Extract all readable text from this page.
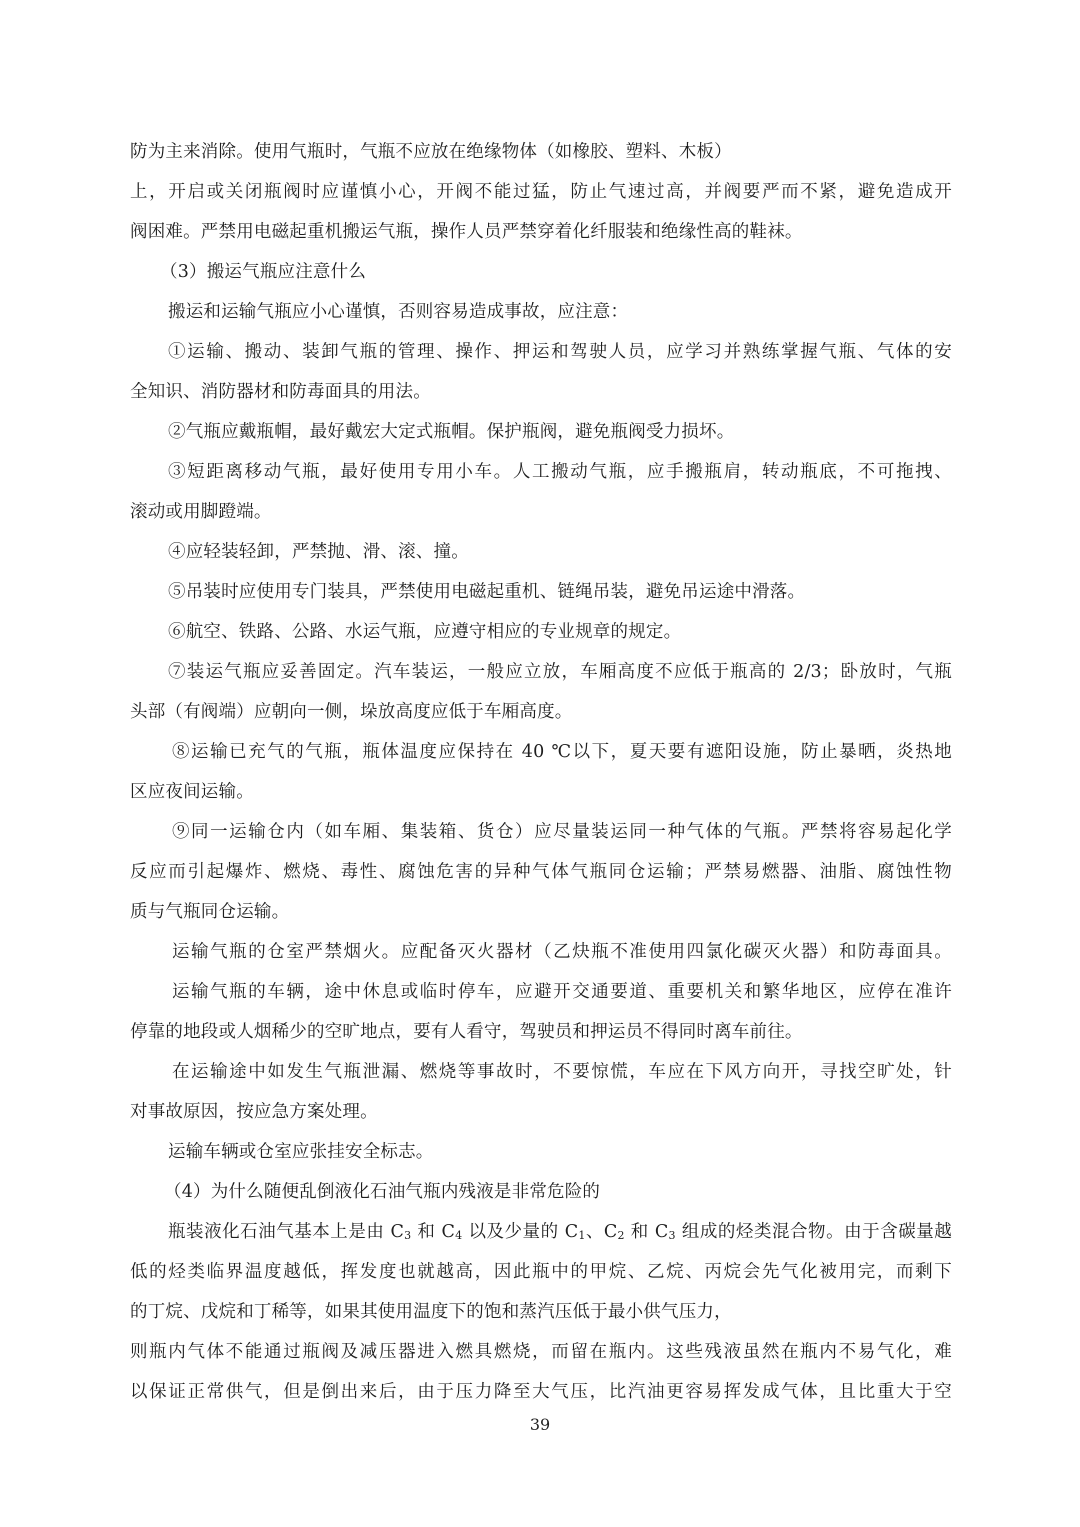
防为主来消除。使用气瓶时，气瓶不应放在绝缘物体（如橡胶、塑料、木板）
上，开启或关闭瓶阀时应谨慎小心，开阀不能过猛，防止气速过高，并阀要严而不紧，避免造成开
阀困难。严禁用电磁起重机搬运气瓶，操作人员严禁穿着化纤服装和绝缘性高的鞋袜。
（3）搬运气瓶应注意什么
搬运和运输气瓶应小心谨慎，否则容易造成事故，应注意：
①运输、搬动、装卸气瓶的管理、操作、押运和驾驶人员，应学习并熟练掌握气瓶、气体的安
全知识、消防器材和防毒面具的用法。
②气瓶应戴瓶帽，最好戴宏大定式瓶帽。保护瓶阀，避免瓶阀受力损坏。
③短距离移动气瓶，最好使用专用小车。人工搬动气瓶，应手搬瓶肩，转动瓶底，不可拖拽、
滚动或用脚蹬端。
④应轻装轻卸，严禁抛、滑、滚、撞。
⑤吊装时应使用专门装具，严禁使用电磁起重机、链绳吊装，避免吊运途中滑落。
⑥航空、铁路、公路、水运气瓶，应遵守相应的专业规章的规定。
⑦装运气瓶应妥善固定。汽车装运，一般应立放，车厢高度不应低于瓶高的 2/3；卧放时，气瓶
头部（有阀端）应朝向一侧，垛放高度应低于车厢高度。
⑧运输已充气的气瓶，瓶体温度应保持在 40 ℃以下，夏天要有遮阳设施，防止暴晒，炎热地
区应夜间运输。
⑨同一运输仓内（如车厢、集装箱、货仓）应尽量装运同一种气体的气瓶。严禁将容易起化学
反应而引起爆炸、燃烧、毒性、腐蚀危害的异种气体气瓶同仓运输；严禁易燃器、油脂、腐蚀性物
质与气瓶同仓运输。
运输气瓶的仓室严禁烟火。应配备灭火器材（乙炔瓶不准使用四氯化碳灭火器）和防毒面具。
运输气瓶的车辆，途中休息或临时停车，应避开交通要道、重要机关和繁华地区，应停在准许
停靠的地段或人烟稀少的空旷地点，要有人看守，驾驶员和押运员不得同时离车前往。
在运输途中如发生气瓶泄漏、燃烧等事故时，不要惊慌，车应在下风方向开，寻找空旷处，针
对事故原因，按应急方案处理。
运输车辆或仓室应张挂安全标志。
（4）为什么随便乱倒液化石油气瓶内残液是非常危险的
瓶装液化石油气基本上是由 C3 和 C4 以及少量的 C1、C2 和 C3 组成的烃类混合物。由于含碳量越
低的烃类临界温度越低，挥发度也就越高，因此瓶中的甲烷、乙烷、丙烷会先气化被用完，而剩下
的丁烷、戊烷和丁稀等，如果其使用温度下的饱和蒸汽压低于最小供气压力，
则瓶内气体不能通过瓶阀及减压器进入燃具燃烧，而留在瓶内。这些残液虽然在瓶内不易气化，难
以保证正常供气，但是倒出来后，由于压力降至大气压，比汽油更容易挥发成气体，且比重大于空
39
